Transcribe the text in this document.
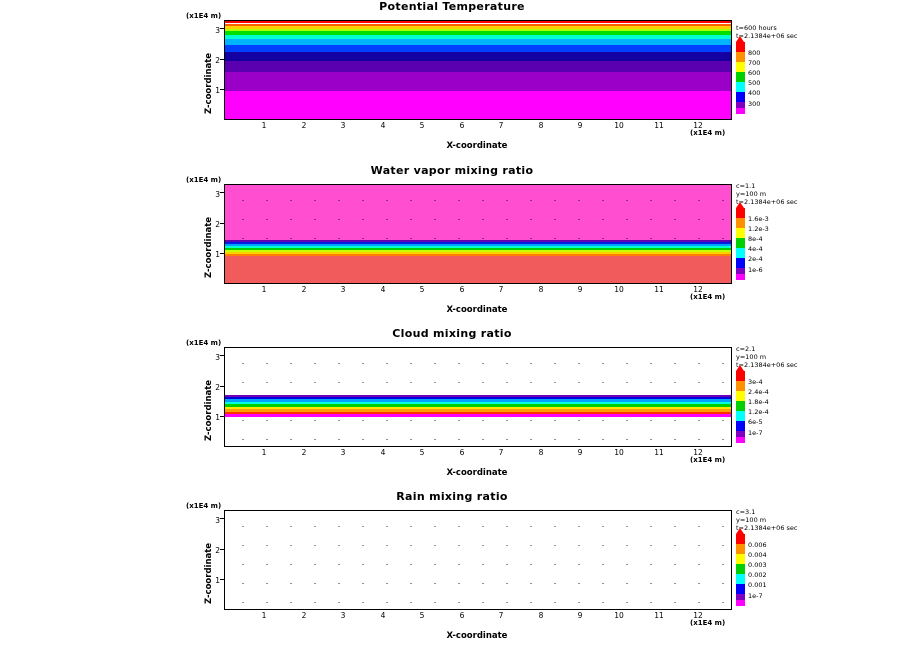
Potential Temperature
(x1E4 m)
Z-coordinate 1
2
3
1	2	3	4	5	6	7	8	9	10	11	12
X-coordinate
(x1E4 m)
t=600 hours
t=2.1384e+06 sec
800
700
600
500
400
300
Water vapor mixing ratio
(x1E4 m)
Z-coordinate 1
2
3
1	2	3	4	5	6	7	8	9	10	11	12
X-coordinate
(x1E4 m)
c=1.1
y=100 m
t=2.1384e+06 sec
1.6e-3
1.2e-3
8e-4
4e-4
2e-4
1e-6
Cloud mixing ratio
(x1E4 m)
Z-coordinate 1
2
3
1	2	3	4	5	6	7	8	9	10	11	12
X-coordinate
(x1E4 m)
c=2.1
y=100 m
t=2.1384e+06 sec
3e-4
2.4e-4
1.8e-4
1.2e-4
6e-5
1e-7
Rain mixing ratio
(x1E4 m)
Z-coordinate 1
2
3
1	2	3	4	5	6	7	8	9	10	11	12
X-coordinate
(x1E4 m)
c=3.1
y=100 m
t=2.1384e+06 sec
0.006
0.004
0.003
0.002
0.001
1e-7
